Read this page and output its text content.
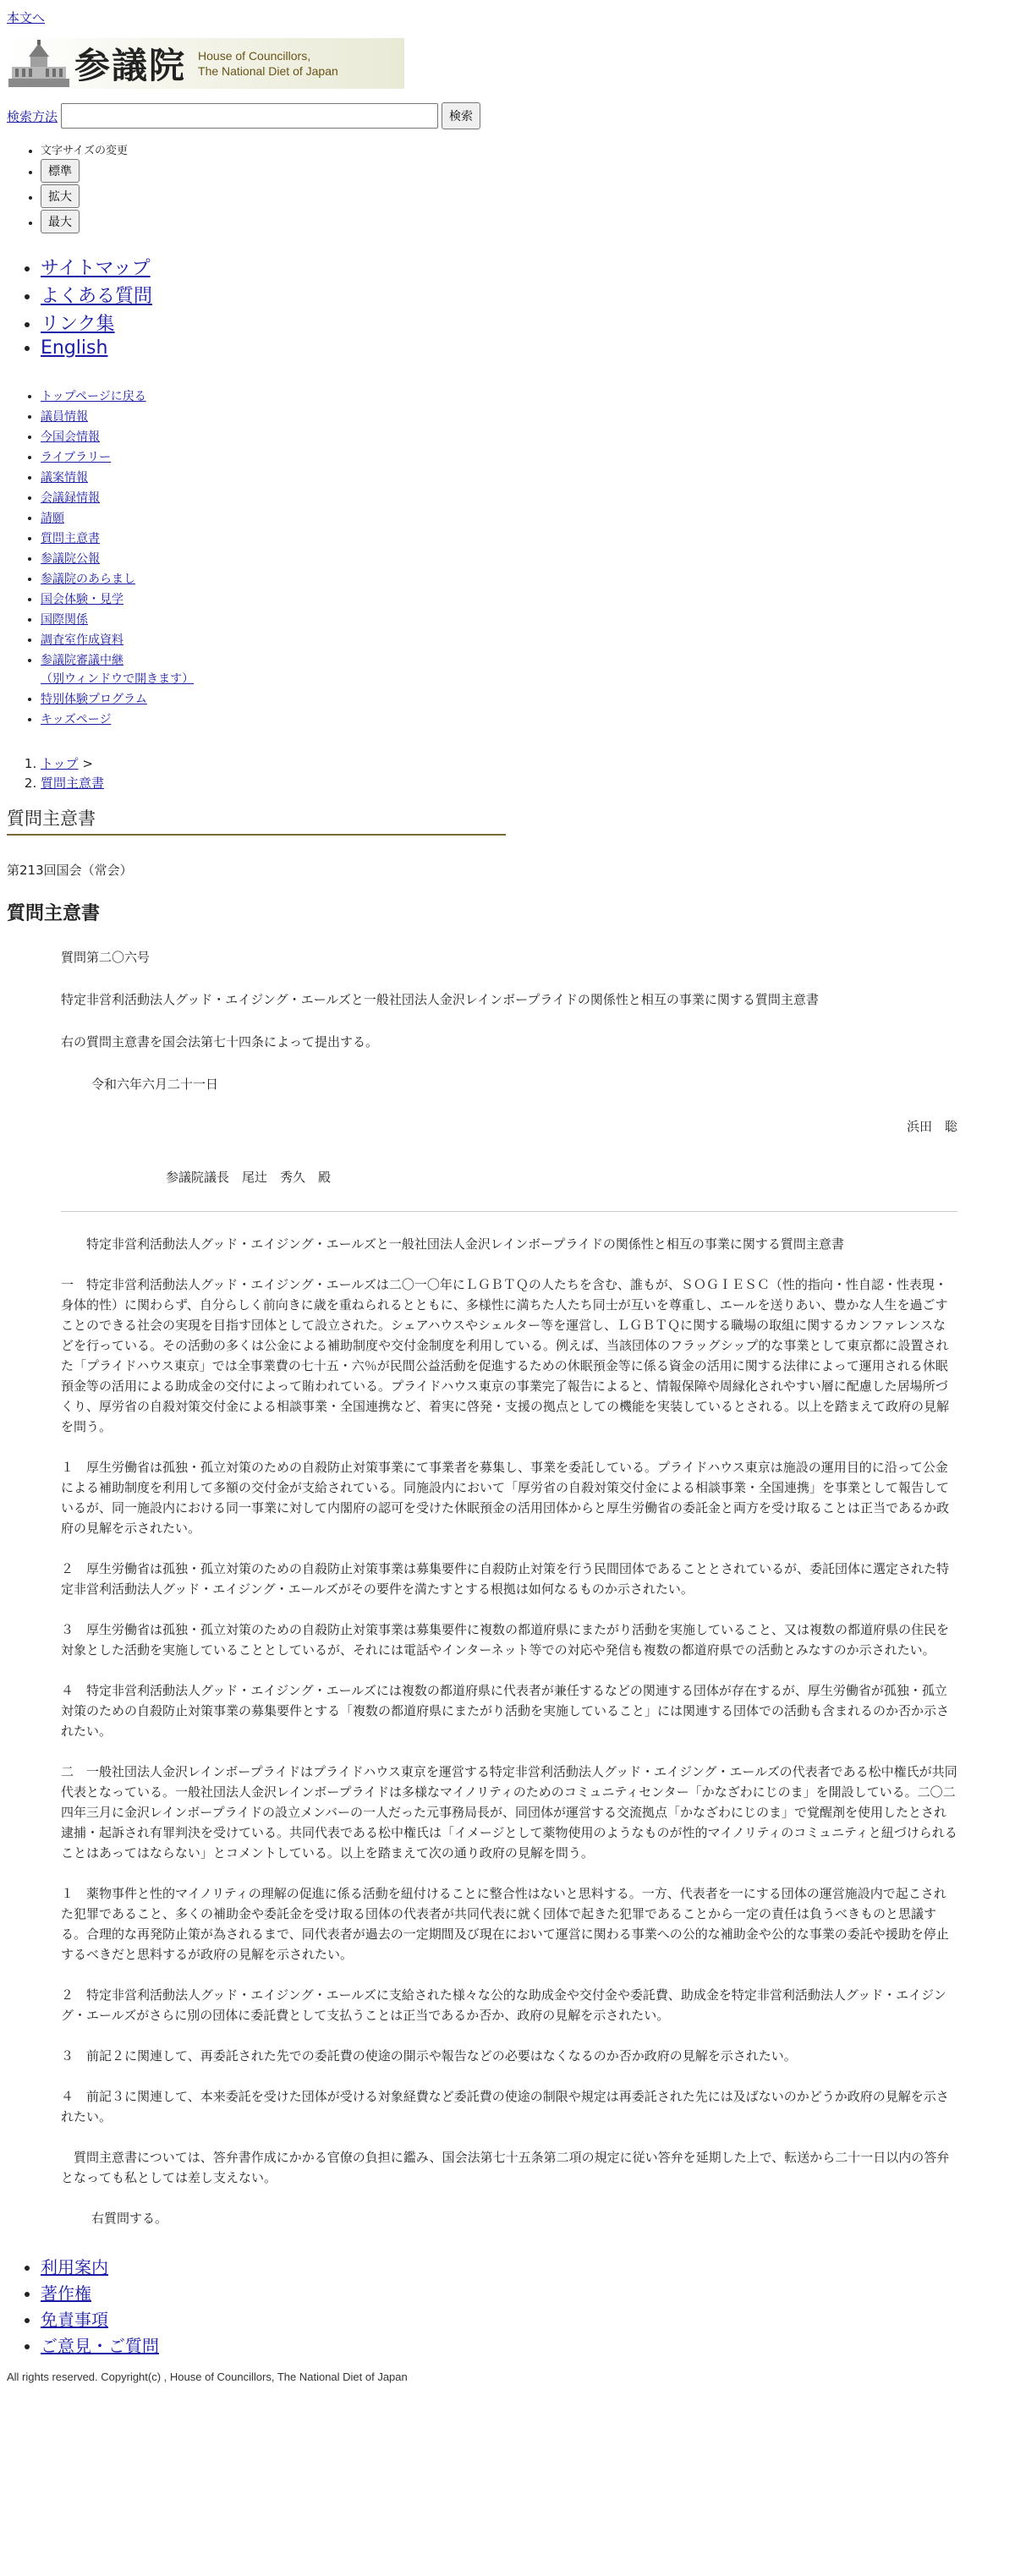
本文へ
参議院 House of Councillors,
The National Diet of Japan
検索方法	検索
• 文字サイズの変更
• 標準
• 拡大
• 最大
• サイトマップ
• よくある質問
• リンク集
• English
• トップページに戻る
• 議員情報
• 今国会情報
• ライブラリー
• 議案情報
• 会議録情報
• 請願
• 質問主意書
• 参議院公報
• 参議院のあらまし
• 国会体験・見学
• 国際関係
• 調査室作成資料
• 参議院審議中継
（別ウィンドウで開きます）
• 特別体験プログラム
• キッズページ
1. トップ >
2. 質問主意書
質問主意書
第213回国会（常会）
質問主意書
質問第二〇六号
特定非営利活動法人グッド・エイジング・エールズと一般社団法人金沢レインボープライドの関係性と相互の事業に関する質問主意書
右の質問主意書を国会法第七十四条によって提出する。
令和六年六月二十一日
浜田　聡
参議院議長　尾辻　秀久　殿

特定非営利活動法人グッド・エイジング・エールズと一般社団法人金沢レインボープライドの関係性と相互の事業に関する質問主意書

一　特定非営利活動法人グッド・エイジング・エールズは二〇一〇年にＬＧＢＴＱの人たちを含む、誰もが、ＳＯＧＩＥＳＣ（性的指向・性自認・性表現・身体的性）に関わらず、自分らしく前向きに歳を重ねられるとともに、多様性に満ちた人たち同士が互いを尊重し、エールを送りあい、豊かな人生を過ごすことのできる社会の実現を目指す団体として設立された。シェアハウスやシェルター等を運営し、ＬＧＢＴＱに関する職場の取組に関するカンファレンスなどを行っている。その活動の多くは公金による補助制度や交付金制度を利用している。例えば、当該団体のフラッグシップ的な事業として東京都に設置された「プライドハウス東京」では全事業費の七十五・六％が民間公益活動を促進するための休眠預金等に係る資金の活用に関する法律によって運用される休眠預金等の活用による助成金の交付によって賄われている。プライドハウス東京の事業完了報告によると、情報保障や周縁化されやすい層に配慮した居場所づくり、厚労省の自殺対策交付金による相談事業・全国連携など、着実に啓発・支援の拠点としての機能を実装しているとされる。以上を踏まえて政府の見解を問う。

１　厚生労働省は孤独・孤立対策のための自殺防止対策事業にて事業者を募集し、事業を委託している。プライドハウス東京は施設の運用目的に沿って公金による補助制度を利用して多額の交付金が支給されている。同施設内において「厚労省の自殺対策交付金による相談事業・全国連携」を事業として報告しているが、同一施設内における同一事業に対して内閣府の認可を受けた休眠預金の活用団体からと厚生労働省の委託金と両方を受け取ることは正当であるか政府の見解を示されたい。

２　厚生労働省は孤独・孤立対策のための自殺防止対策事業は募集要件に自殺防止対策を行う民間団体であることとされているが、委託団体に選定された特定非営利活動法人グッド・エイジング・エールズがその要件を満たすとする根拠は如何なるものか示されたい。

３　厚生労働省は孤独・孤立対策のための自殺防止対策事業は募集要件に複数の都道府県にまたがり活動を実施していること、又は複数の都道府県の住民を対象とした活動を実施していることとしているが、それには電話やインターネット等での対応や発信も複数の都道府県での活動とみなすのか示されたい。

４　特定非営利活動法人グッド・エイジング・エールズには複数の都道府県に代表者が兼任するなどの関連する団体が存在するが、厚生労働省が孤独・孤立対策のための自殺防止対策事業の募集要件とする「複数の都道府県にまたがり活動を実施していること」には関連する団体での活動も含まれるのか否か示されたい。

二　一般社団法人金沢レインボープライドはプライドハウス東京を運営する特定非営利活動法人グッド・エイジング・エールズの代表者である松中権氏が共同代表となっている。一般社団法人金沢レインボープライドは多様なマイノリティのためのコミュニティセンター「かなざわにじのま」を開設している。二〇二四年三月に金沢レインボープライドの設立メンバーの一人だった元事務局長が、同団体が運営する交流拠点「かなざわにじのま」で覚醒剤を使用したとされ逮捕・起訴され有罪判決を受けている。共同代表である松中権氏は「イメージとして薬物使用のようなものが性的マイノリティのコミュニティと紐づけられることはあってはならない」とコメントしている。以上を踏まえて次の通り政府の見解を問う。

１　薬物事件と性的マイノリティの理解の促進に係る活動を紐付けることに整合性はないと思料する。一方、代表者を一にする団体の運営施設内で起こされた犯罪であること、多くの補助金や委託金を受け取る団体の代表者が共同代表に就く団体で起きた犯罪であることから一定の責任は負うべきものと思議する。合理的な再発防止策が為されるまで、同代表者が過去の一定期間及び現在において運営に関わる事業への公的な補助金や公的な事業の委託や援助を停止するべきだと思料するが政府の見解を示されたい。

２　特定非営利活動法人グッド・エイジング・エールズに支給された様々な公的な助成金や交付金や委託費、助成金を特定非営利活動法人グッド・エイジング・エールズがさらに別の団体に委託費として支払うことは正当であるか否か、政府の見解を示されたい。

３　前記２に関連して、再委託された先での委託費の使途の開示や報告などの必要はなくなるのか否か政府の見解を示されたい。

４　前記３に関連して、本来委託を受けた団体が受ける対象経費など委託費の使途の制限や規定は再委託された先には及ばないのかどうか政府の見解を示されたい。

　質問主意書については、答弁書作成にかかる官僚の負担に鑑み、国会法第七十五条第二項の規定に従い答弁を延期した上で、転送から二十一日以内の答弁となっても私としては差し支えない。

右質問する。

• 利用案内
• 著作権
• 免責事項
• ご意見・ご質問
All rights reserved. Copyright(c) , House of Councillors, The National Diet of Japan
